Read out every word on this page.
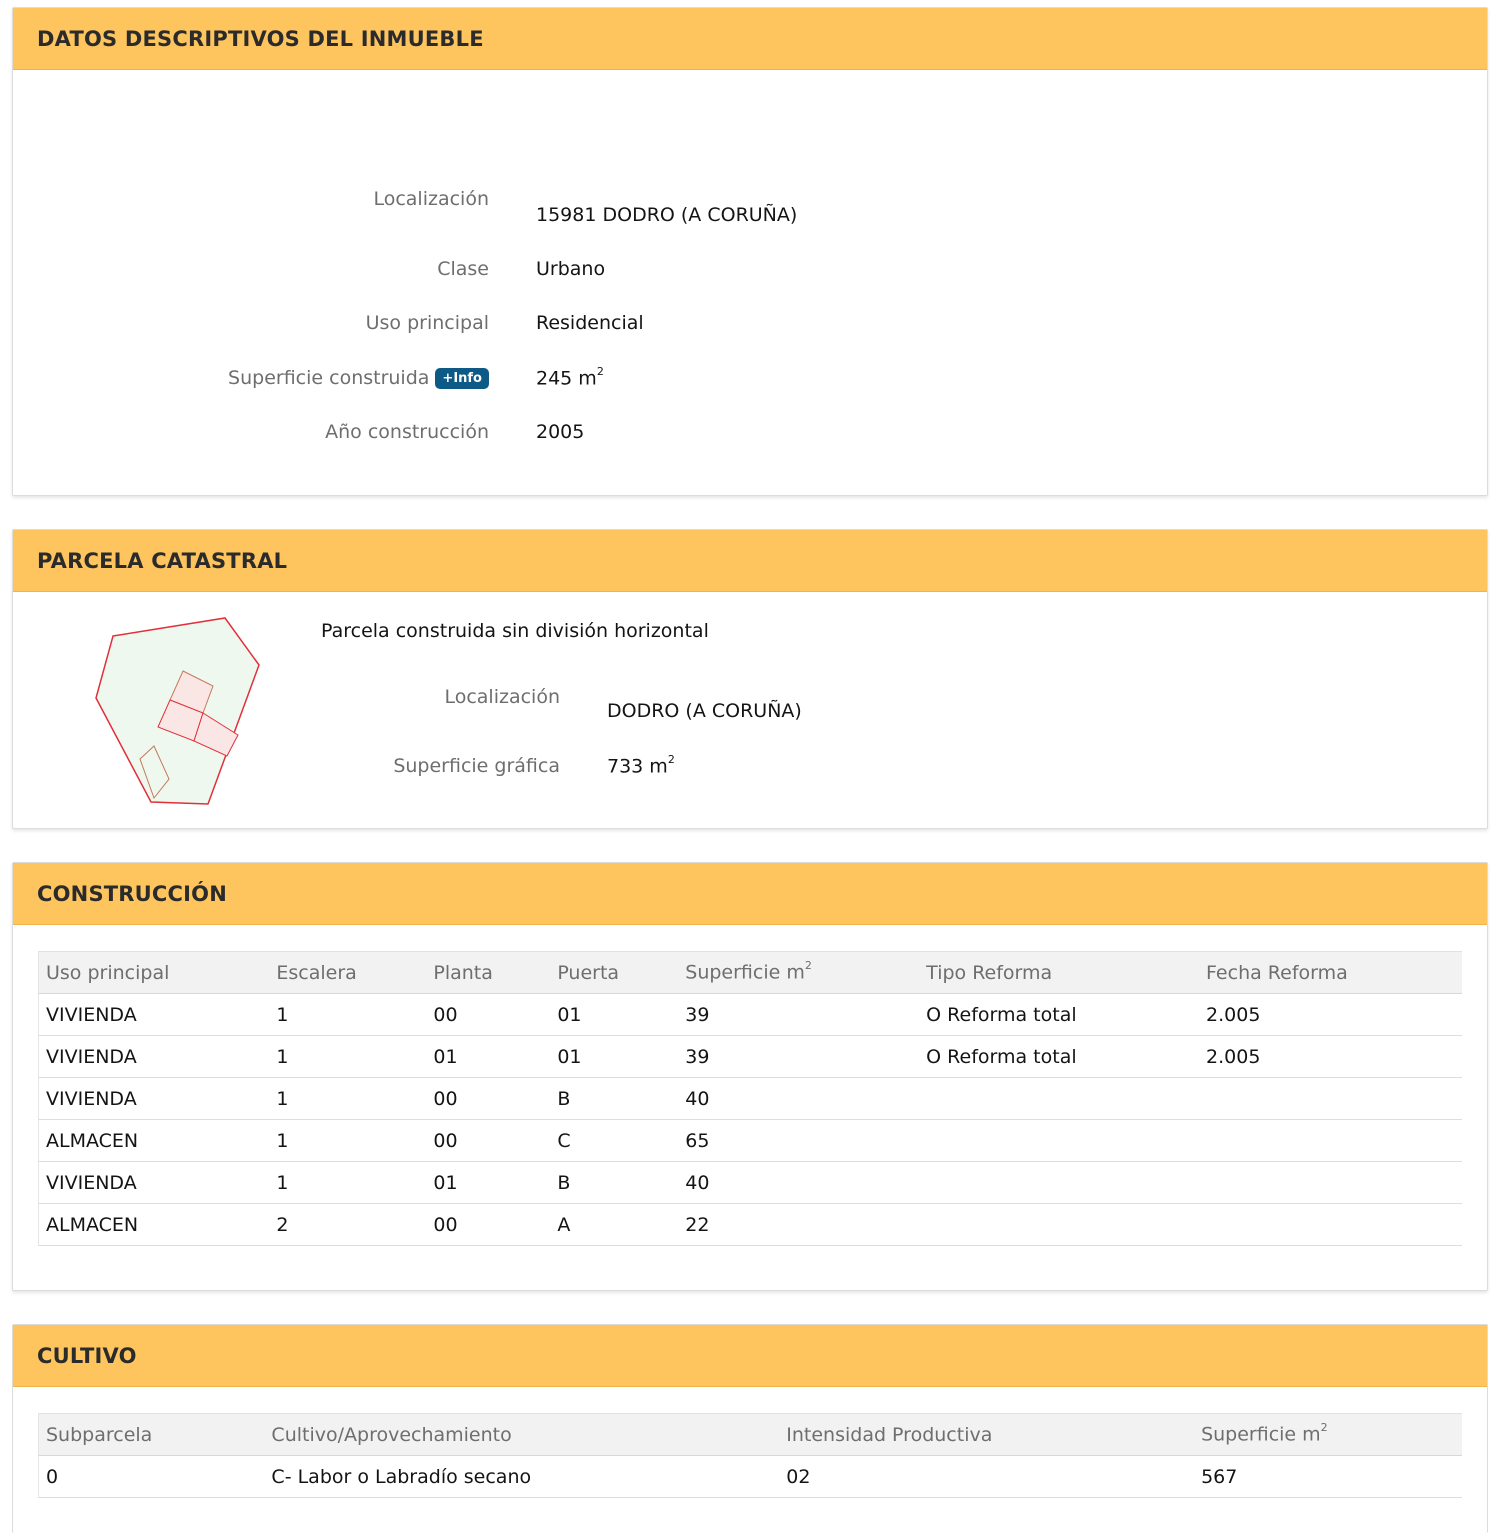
DATOS DESCRIPTIVOS DEL INMUEBLE
Localización
15981 DODRO (A CORUÑA)
Clase Urbano
Uso principal Residencial
Superficie construida +Info	245 $m^2$
Año construcción 2005
PARCELA CATASTRAL
Parcela construida sin división horizontal
Localización
DODRO (A CORUÑA)
Superficie gráfica 733 $m^2$
CONSTRUCCIÓN
Uso principal	Escalera	Planta	Puerta	Superficie $m^2$	Tipo Reforma	Fecha Reforma
VIVIENDA	1	00	01	39	O Reforma total	2.005
VIVIENDA	1	01	01	39	O Reforma total	2.005
VIVIENDA	1	00	B	40		
ALMACEN	1	00	C	65		
VIVIENDA	1	01	B	40		
ALMACEN	2	00	A	22		
CULTIVO
Subparcela	Cultivo/Aprovechamiento	Intensidad Productiva	Superficie $m^2$
0	C- Labor o Labradío secano	02	567
